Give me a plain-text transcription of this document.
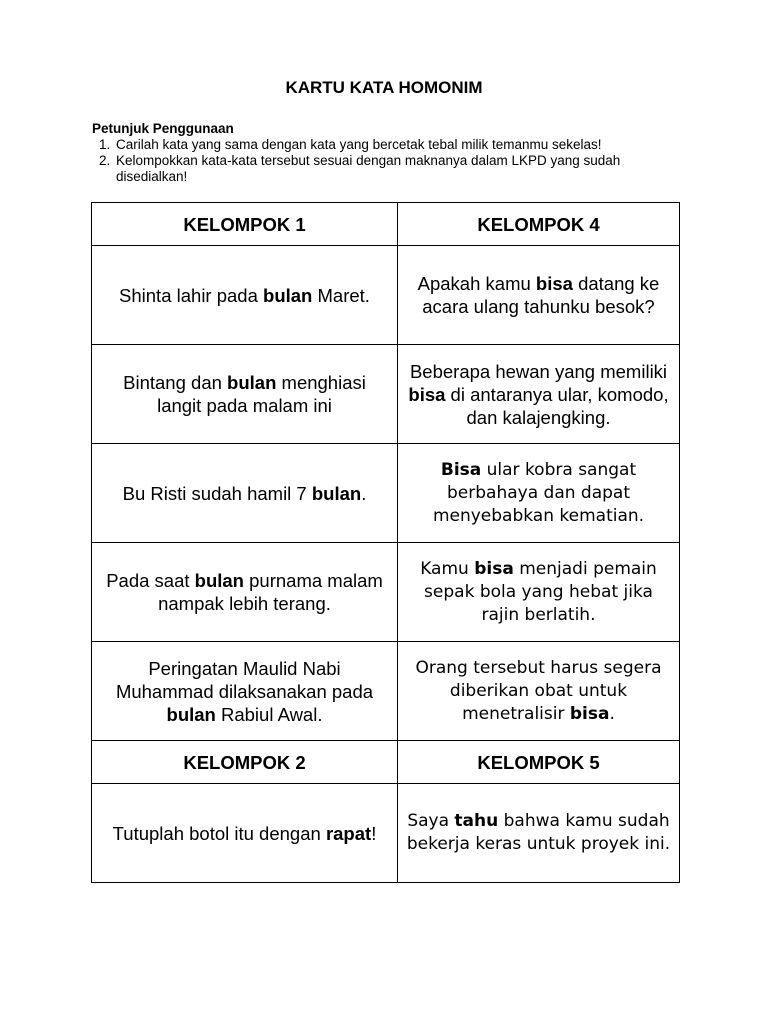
KARTU KATA HOMONIM
Petunjuk Penggunaan
1. Carilah kata yang sama dengan kata yang bercetak tebal milik temanmu sekelas!
2. Kelompokkan kata-kata tersebut sesuai dengan maknanya dalam LKPD yang sudah disedialkan!
KELOMPOK 1	KELOMPOK 4
Shinta lahir pada bulan Maret.	Apakah kamu bisa datang ke acara ulang tahunku besok?
Bintang dan bulan menghiasi langit pada malam ini	Beberapa hewan yang memiliki bisa di antaranya ular, komodo, dan kalajengking.
Bu Risti sudah hamil 7 bulan.	Bisa ular kobra sangat berbahaya dan dapat menyebabkan kematian.
Pada saat bulan purnama malam nampak lebih terang.	Kamu bisa menjadi pemain sepak bola yang hebat jika rajin berlatih.
Peringatan Maulid Nabi Muhammad dilaksanakan pada bulan Rabiul Awal.	Orang tersebut harus segera diberikan obat untuk menetralisir bisa.
KELOMPOK 2	KELOMPOK 5
Tutuplah botol itu dengan rapat!	Saya tahu bahwa kamu sudah bekerja keras untuk proyek ini.
